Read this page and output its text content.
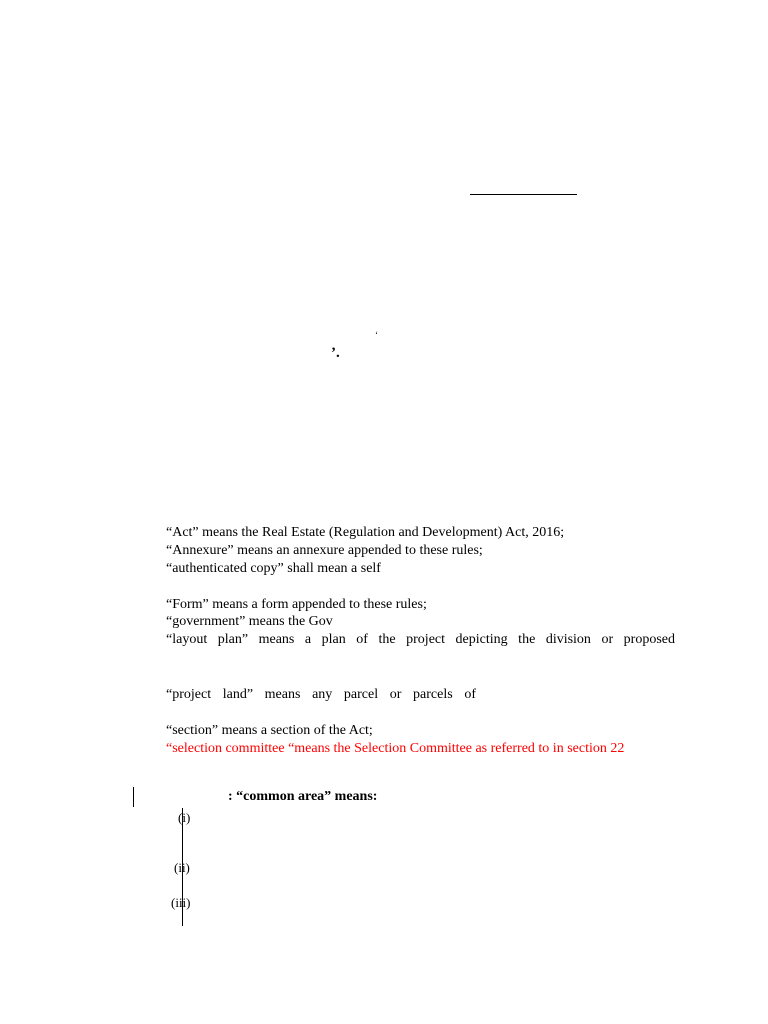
‘
’.
“Act” means the Real Estate (Regulation and Development) Act, 2016;
“Annexure” means an annexure appended to these rules;
“authenticated copy” shall mean a self
“Form” means a form appended to these rules;
“government” means the Gov
“layout plan” means a plan of the project depicting the division or proposed
“project land” means any parcel or parcels of
“section” means a section of the Act;
“selection committee “means the Selection Committee as referred to in section 22
: “common area” means:
(i)
(ii)
(iii)
